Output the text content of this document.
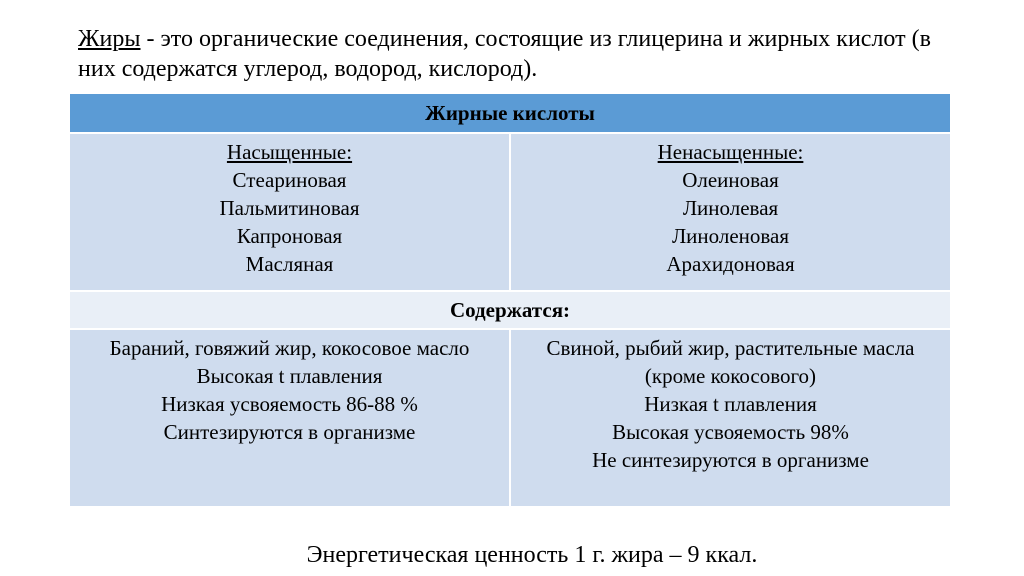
Жиры - это органические соединения, состоящие из глицерина и жирных кислот (в них содержатся углерод, водород, кислород).
Жирные кислоты
Насыщенные:
Стеариновая
Пальмитиновая
Капроновая
Масляная
Ненасыщенные:
Олеиновая
Линолевая
Линоленовая
Арахидоновая
Содержатся:
Бараний, говяжий жир, кокосовое масло
Высокая t плавления
Низкая усвояемость 86-88 %
Синтезируются в организме
Свиной, рыбий жир, растительные масла (кроме кокосового)
Низкая t плавления
Высокая усвояемость 98%
Не синтезируются в организме
Энергетическая ценность 1 г. жира – 9 ккал.
